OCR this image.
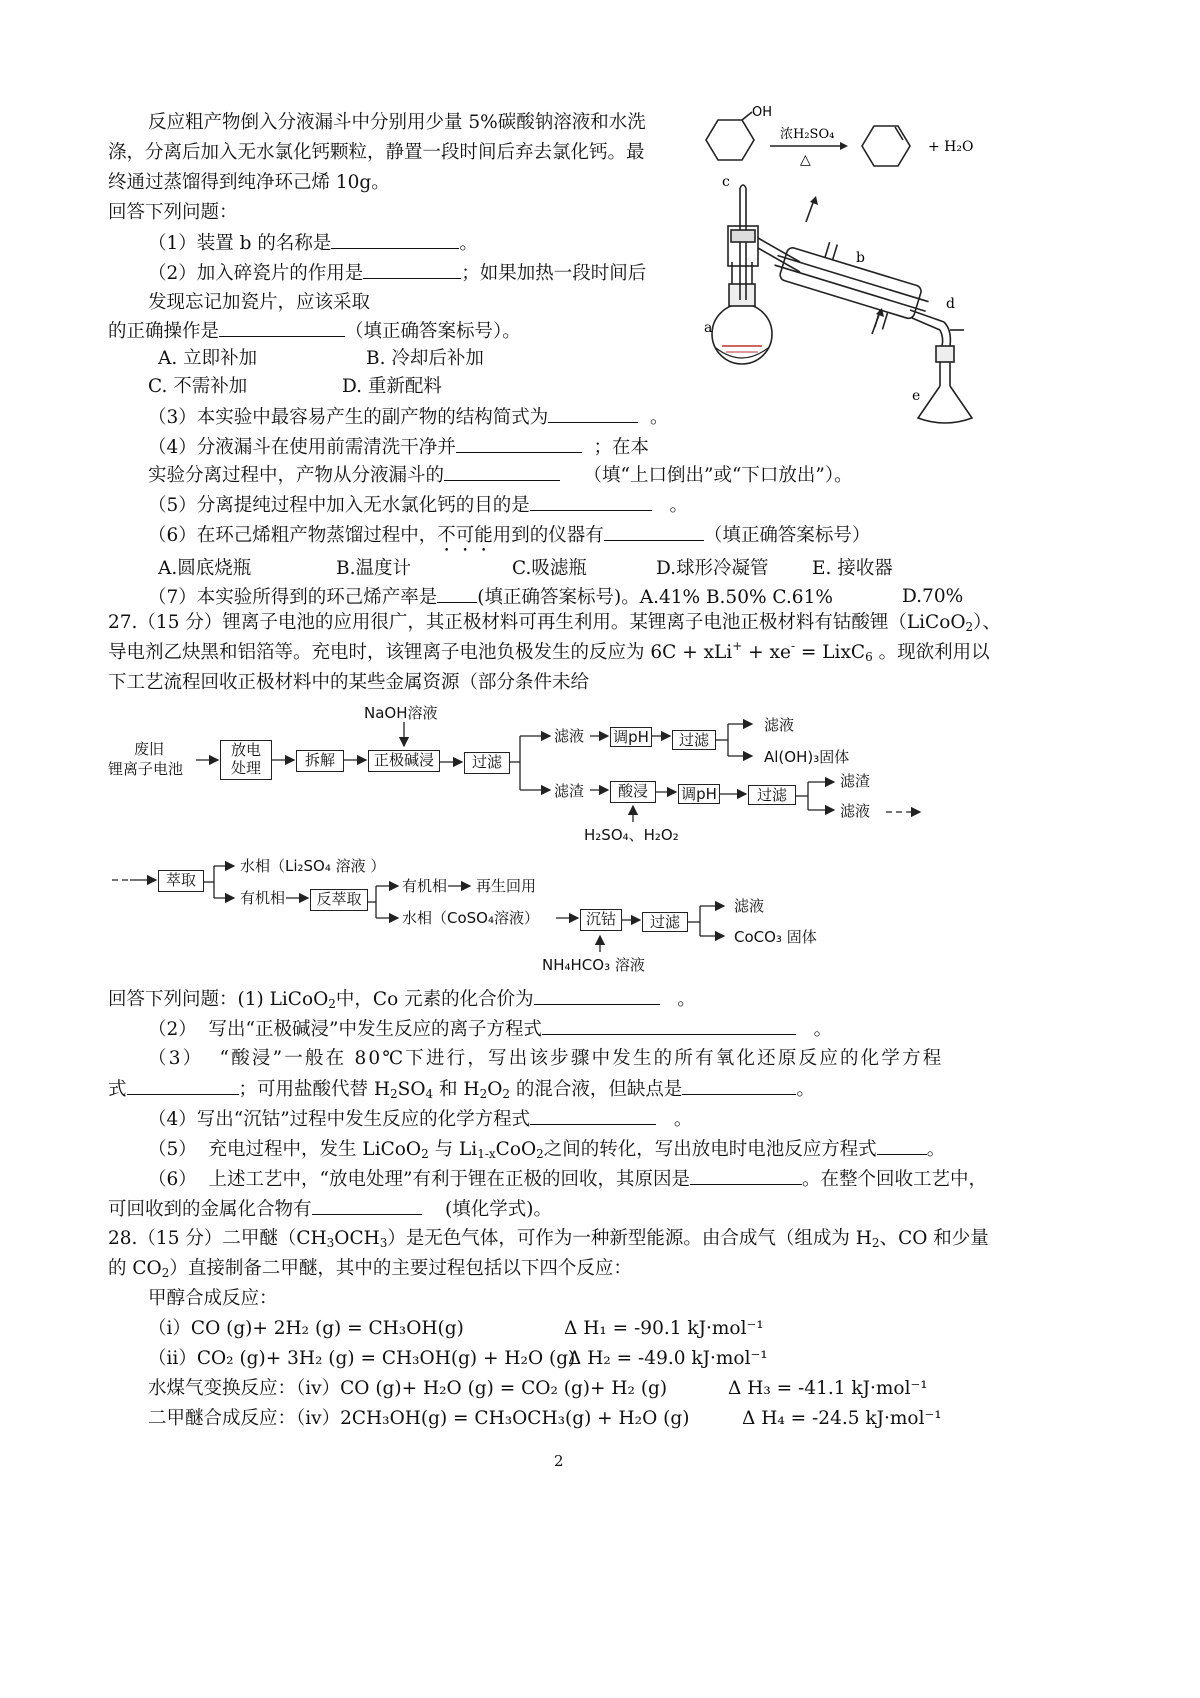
反应粗产物倒入分液漏斗中分别用少量 5%碳酸钠溶液和水洗
涤，分离后加入无水氯化钙颗粒，静置一段时间后弃去氯化钙。最
终通过蒸馏得到纯净环己烯 10g。
回答下列问题：
（1）装置 b 的名称是	。
（2）加入碎瓷片的作用是	；如果加热一段时间后
发现忘记加瓷片，应该采取
的正确操作是	（填正确答案标号）。
A. 立即补加	B. 冷却后补加
C. 不需补加	D. 重新配料
（3）本实验中最容易产生的副产物的结构简式为	。
（4）分液漏斗在使用前需清洗干净并	；在本
实验分离过程中，产物从分液漏斗的	（填“上口倒出”或“下口放出”）。
（5）分离提纯过程中加入无水氯化钙的目的是	。
（6）在环己烯粗产物蒸馏过程中，不可能用到的仪器有	（填正确答案标号）
A.圆底烧瓶	B.温度计	C.吸滤瓶	D.球形冷凝管 E. 接收器
（7）本实验所得到的环己烯产率是 (填正确答案标号)。A.41% B.50% C.61%	D.70%
OH
浓H₂SO₄
△
+ H₂O
a
b
c
d
e
27.（15 分）锂离子电池的应用很广，其正极材料可再生利用。某锂离子电池正极材料有钴酸锂（LiCoO$_2$）、
导电剂乙炔黑和铝箔等。充电时，该锂离子电池负极发生的反应为 6C + xLi+ + xe- = LixC$_6$ 。现欲利用以
下工艺流程回收正极材料中的某些金属资源（部分条件未给
废旧
锂离子电池
放电
处理	拆解
NaOH溶液
正极碱浸	过滤
滤液 调pH	过滤
滤液
Al(OH)₃固体
滤渣	酸浸	调pH	过滤
滤渣
滤液
H₂SO₄、H₂O₂
萃取
水相（Li₂SO₄ 溶液 ）
有机相	反萃取
有机相 再生回用
水相（CoSO₄溶液）	沉钴	过滤
滤液
CoCO₃ 固体
NH₄HCO₃ 溶液
回答下列问题：(1) LiCoO$_2$中，Co 元素的化合价为	。
（2） 写出“正极碱浸”中发生反应的离子方程式	。
（3） “酸浸”一般在 80℃下进行，写出该步骤中发生的所有氧化还原反应的化学方程
式	；可用盐酸代替 $H_2SO_4$ 和 $H_2O_2$ 的混合液，但缺点是	。
（4）写出“沉钴”过程中发生反应的化学方程式	。
（5） 充电过程中，发生 LiCoO$_2$ 与 $Li_{1-x}CoO_2$之间的转化，写出放电时电池反应方程式	。
（6） 上述工艺中，“放电处理”有利于锂在正极的回收，其原因是	。在整个回收工艺中，
可回收到的金属化合物有	(填化学式)。
28.（15 分）二甲醚$(CH_3OCH_3)$是无色气体，可作为一种新型能源。由合成气（组成为 $H_2$、CO 和少量
的 $CO_2$）直接制备二甲醚，其中的主要过程包括以下四个反应：
甲醇合成反应：
（ⅰ）CO (g)+ 2H₂ (g) = CH₃OH(g)	Δ H₁ = -90.1 kJ·mol⁻¹
（ⅱ）CO₂ (g)+ 3H₂ (g) = CH₃OH(g) + H₂O (g)
Δ H₂ = -49.0 kJ·mol⁻¹
水煤气变换反应：（ⅳ）CO (g)+ H₂O (g) = CO₂ (g)+ H₂ (g)	Δ H₃ = -41.1 kJ·mol⁻¹
二甲醚合成反应：（ⅳ）2CH₃OH(g) = CH₃OCH₃(g) + H₂O (g)	Δ H₄ = -24.5 kJ·mol⁻¹
2
